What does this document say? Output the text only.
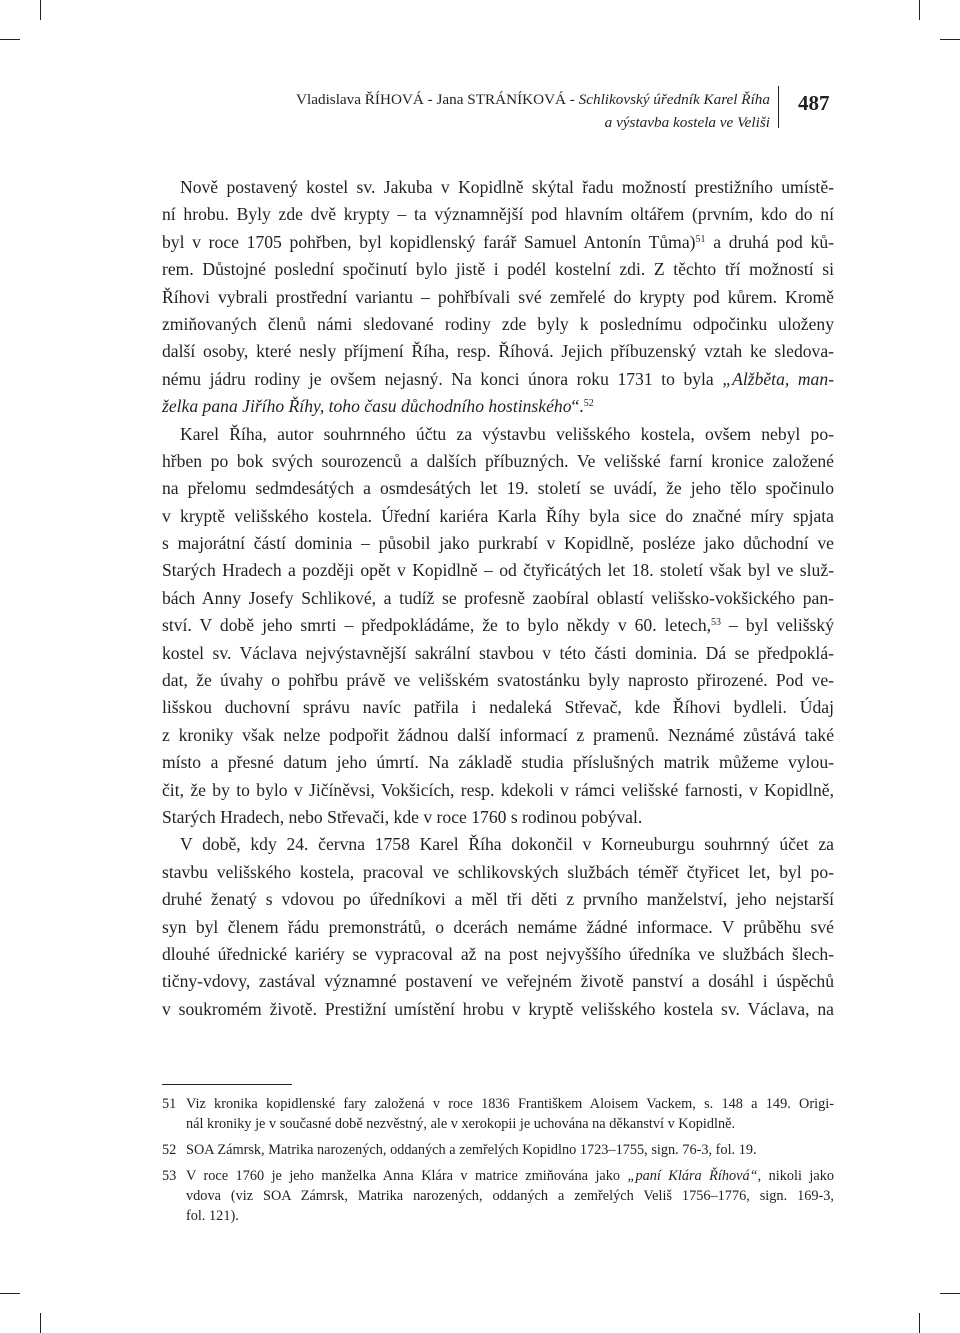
Vladislava ŘÍHOVÁ - Jana STRÁNÍKOVÁ - Schlikovský úředník Karel Říha
a výstavba kostela ve Veliši
487
Nově postavený kostel sv. Jakuba v Kopidlně skýtal řadu možností prestižního umístě-
ní hrobu. Byly zde dvě krypty – ta významnější pod hlavním oltářem (prvním, kdo do ní
byl v roce 1705 pohřben, byl kopidlenský farář Samuel Antonín Tůma)$^{51}$ a druhá pod ků-
rem. Důstojné poslední spočinutí bylo jistě i podél kostelní zdi. Z těchto tří možností si
Říhovi vybrali prostřední variantu – pohřbívali své zemřelé do krypty pod kůrem. Kromě
zmiňovaných členů námi sledované rodiny zde byly k poslednímu odpočinku uloženy
další osoby, které nesly příjmení Říha, resp. Říhová. Jejich příbuzenský vztah ke sledova-
nému jádru rodiny je ovšem nejasný. Na konci února roku 1731 to byla „Alžběta, man-
želka pana Jiřího Říhy, toho času důchodního hostinského“.$^{52}$
Karel Říha, autor souhrnného účtu za výstavbu velišského kostela, ovšem nebyl po-
hřben po bok svých sourozenců a dalších příbuzných. Ve velišské farní kronice založené
na přelomu sedmdesátých a osmdesátých let 19. století se uvádí, že jeho tělo spočinulo
v kryptě velišského kostela. Úřední kariéra Karla Říhy byla sice do značné míry spjata
s majorátní částí dominia – působil jako purkrabí v Kopidlně, posléze jako důchodní ve
Starých Hradech a později opět v Kopidlně – od čtyřicátých let 18. století však byl ve služ-
bách Anny Josefy Schlikové, a tudíž se profesně zaobíral oblastí velišsko-vokšického pan-
ství. V době jeho smrti – předpokládáme, že to bylo někdy v 60. letech,$^{53}$ – byl velišský
kostel sv. Václava nejvýstavnější sakrální stavbou v této části dominia. Dá se předpoklá-
dat, že úvahy o pohřbu právě ve velišském svatostánku byly naprosto přirozené. Pod ve-
lišskou duchovní správu navíc patřila i nedaleká Střevač, kde Říhovi bydleli. Údaj
z kroniky však nelze podpořit žádnou další informací z pramenů. Neznámé zůstává také
místo a přesné datum jeho úmrtí. Na základě studia příslušných matrik můžeme vylou-
čit, že by to bylo v Jičíněvsi, Vokšicích, resp. kdekoli v rámci velišské farnosti, v Kopidlně,
Starých Hradech, nebo Střevači, kde v roce 1760 s rodinou pobýval.
V době, kdy 24. června 1758 Karel Říha dokončil v Korneuburgu souhrnný účet za
stavbu velišského kostela, pracoval ve schlikovských službách téměř čtyřicet let, byl po-
druhé ženatý s vdovou po úředníkovi a měl tři děti z prvního manželství, jeho nejstarší
syn byl členem řádu premonstrátů, o dcerách nemáme žádné informace. V průběhu své
dlouhé úřednické kariéry se vypracoval až na post nejvyššího úředníka ve službách šlech-
tičny-vdovy, zastával významné postavení ve veřejném životě panství a dosáhl i úspěchů
v soukromém životě. Prestižní umístění hrobu v kryptě velišského kostela sv. Václava, na
51 Viz kronika kopidlenské fary založená v roce 1836 Františkem Aloisem Vackem, s. 148 a 149. Origi-
nál kroniky je v současné době nezvěstný, ale v xerokopii je uchována na děkanství v Kopidlně.
52 SOA Zámrsk, Matrika narozených, oddaných a zemřelých Kopidlno 1723–1755, sign. 76-3, fol. 19.
53 V roce 1760 je jeho manželka Anna Klára v matrice zmiňována jako „paní Klára Říhová“, nikoli jako
vdova (viz SOA Zámrsk, Matrika narozených, oddaných a zemřelých Veliš 1756–1776, sign. 169-3,
fol. 121).
